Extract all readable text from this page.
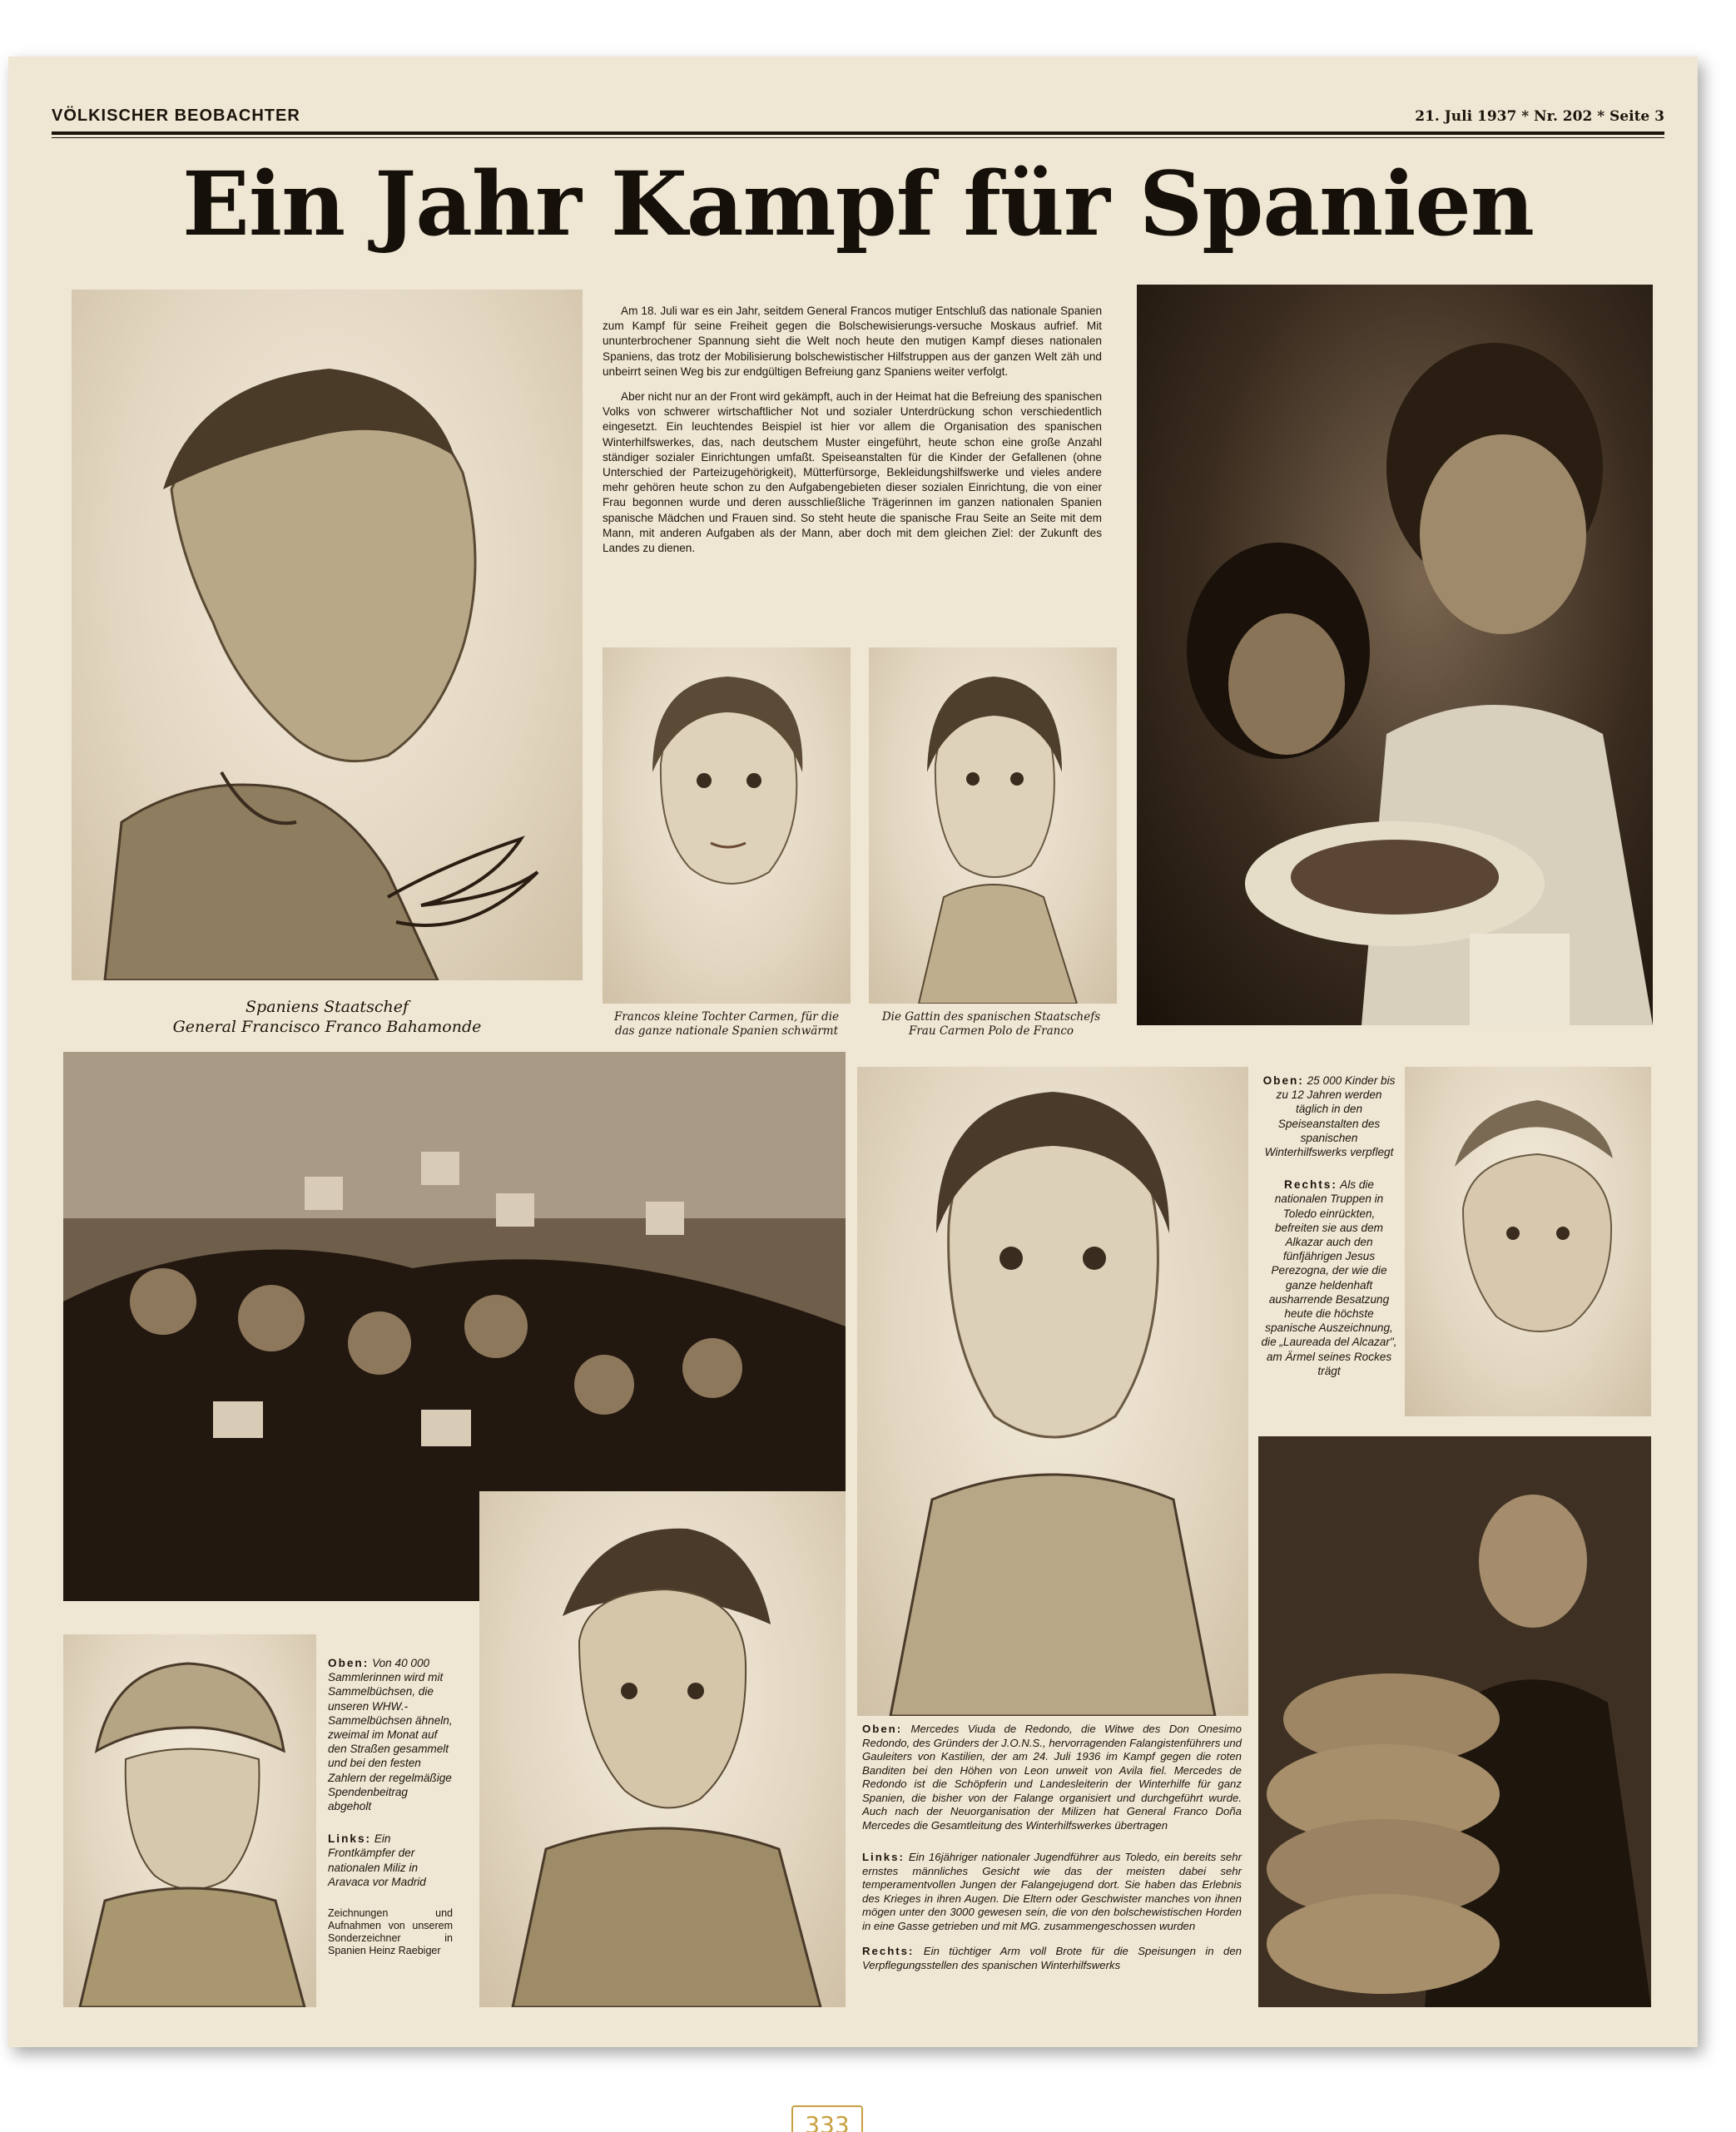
VÖLKISCHER BEOBACHTER	21. Juli 1937 * Nr. 202 * Seite 3
Ein Jahr Kampf für Spanien
Spaniens Staatschef
General Francisco Franco Bahamonde

Am 18. Juli war es ein Jahr, seitdem General Francos mutiger Entschluß das nationale Spanien zum Kampf für seine Freiheit gegen die Bolschewisierungs-versuche Moskaus aufrief. Mit ununterbrochener Spannung sieht die Welt noch heute den mutigen Kampf dieses nationalen Spaniens, das trotz der Mobilisierung bolschewistischer Hilfstruppen aus der ganzen Welt zäh und unbeirrt seinen Weg bis zur endgültigen Befreiung ganz Spaniens weiter verfolgt.

Aber nicht nur an der Front wird gekämpft, auch in der Heimat hat die Befreiung des spanischen Volks von schwerer wirtschaftlicher Not und sozialer Unterdrückung schon verschiedentlich eingesetzt. Ein leuchtendes Beispiel ist hier vor allem die Organisation des spanischen Winterhilfswerkes, das, nach deutschem Muster eingeführt, heute schon eine große Anzahl ständiger sozialer Einrichtungen umfaßt. Speiseanstalten für die Kinder der Gefallenen (ohne Unterschied der Parteizugehörigkeit), Mütterfürsorge, Bekleidungshilfswerke und vieles andere mehr gehören heute schon zu den Aufgabengebieten dieser sozialen Einrichtung, die von einer Frau begonnen wurde und deren ausschließliche Trägerinnen im ganzen nationalen Spanien spanische Mädchen und Frauen sind. So steht heute die spanische Frau Seite an Seite mit dem Mann, mit anderen Aufgaben als der Mann, aber doch mit dem gleichen Ziel: der Zukunft des Landes zu dienen.

Francos kleine Tochter Carmen, für die
das ganze nationale Spanien schwärmt
Die Gattin des spanischen Staatschefs
Frau Carmen Polo de Franco

Oben: 25 000 Kinder bis zu 12 Jahren werden täglich in den Speiseanstalten des spanischen Winterhilfswerks verpflegt

Rechts: Als die nationalen Truppen in Toledo einrückten, befreiten sie aus dem Alkazar auch den fünfjährigen Jesus Perezogna, der wie die ganze heldenhaft ausharrende Besatzung heute die höchste spanische Auszeichnung, die „Laureada del Alcazar", am Ärmel seines Rockes trägt

Oben: Von 40 000 Sammlerinnen wird mit Sammelbüchsen, die unseren WHW.-Sammelbüchsen ähneln, zweimal im Monat auf den Straßen gesammelt und bei den festen Zahlern der regelmäßige Spendenbeitrag abgeholt

Links: Ein Frontkämpfer der nationalen Miliz in Aravaca vor Madrid

Zeichnungen und Aufnahmen von unserem Sonderzeichner in Spanien Heinz Raebiger

Oben: Mercedes Viuda de Redondo, die Witwe des Don Onesimo Redondo, des Gründers der J.O.N.S., hervorragenden Falangistenführers und Gauleiters von Kastilien, der am 24. Juli 1936 im Kampf gegen die roten Banditen bei den Höhen von Leon unweit von Avila fiel. Mercedes de Redondo ist die Schöpferin und Landesleiterin der Winterhilfe für ganz Spanien, die bisher von der Falange organisiert und durchgeführt wurde. Auch nach der Neuorganisation der Milizen hat General Franco Doña Mercedes die Gesamtleitung des Winterhilfswerkes übertragen

Links: Ein 16jähriger nationaler Jugendführer aus Toledo, ein bereits sehr ernstes männliches Gesicht wie das der meisten dabei sehr temperamentvollen Jungen der Falangejugend dort. Sie haben das Erlebnis des Krieges in ihren Augen. Die Eltern oder Geschwister manches von ihnen mögen unter den 3000 gewesen sein, die von den bolschewistischen Horden in eine Gasse getrieben und mit MG. zusammengeschossen wurden

Rechts: Ein tüchtiger Arm voll Brote für die Speisungen in den Verpflegungsstellen des spanischen Winterhilfswerks

333
